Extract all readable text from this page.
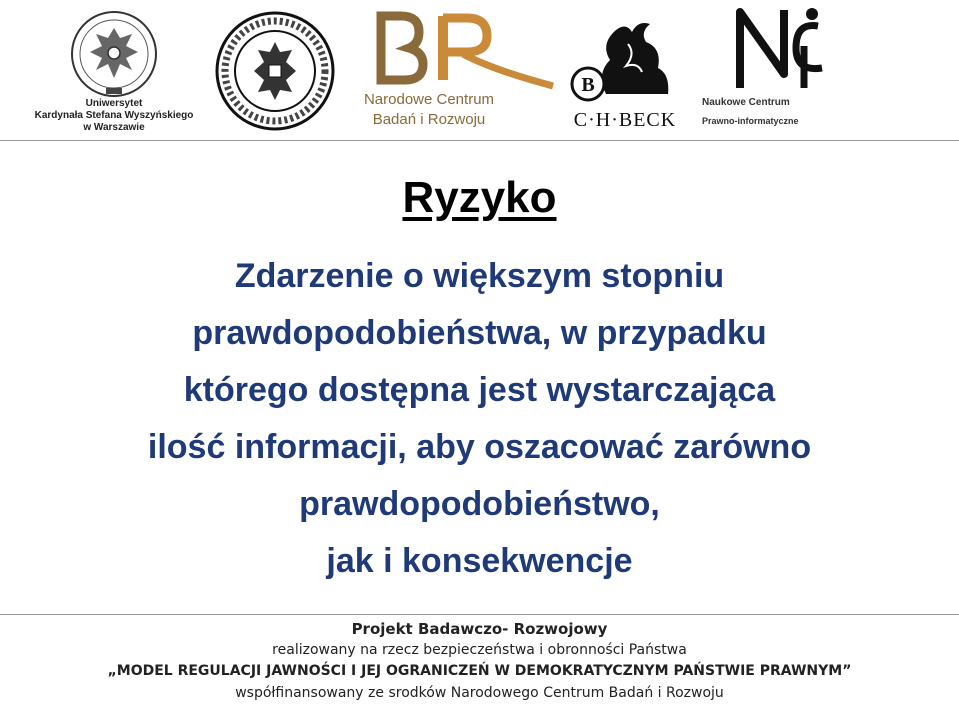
Uniwersytet
Kardynała Stefana Wyszyńskiego
w Warszawie
Narodowe Centrum
Badań i Rozwoju
B
C·H·BECK
Naukowe Centrum
Prawno-informatyczne
Ryzyko

Zdarzenie o większym stopniu
prawdopodobieństwa, w przypadku
którego dostępna jest wystarczająca
ilość informacji, aby oszacować zarówno
prawdopodobieństwo,
jak i konsekwencje

Projekt Badawczo- Rozwojowy
realizowany na rzecz bezpieczeństwa i obronności Państwa
„MODEL REGULACJI JAWNOŚCI I JEJ OGRANICZEŃ W DEMOKRATYCZNYM PAŃSTWIE PRAWNYM”
współfinansowany ze srodków Narodowego Centrum Badań i Rozwoju
